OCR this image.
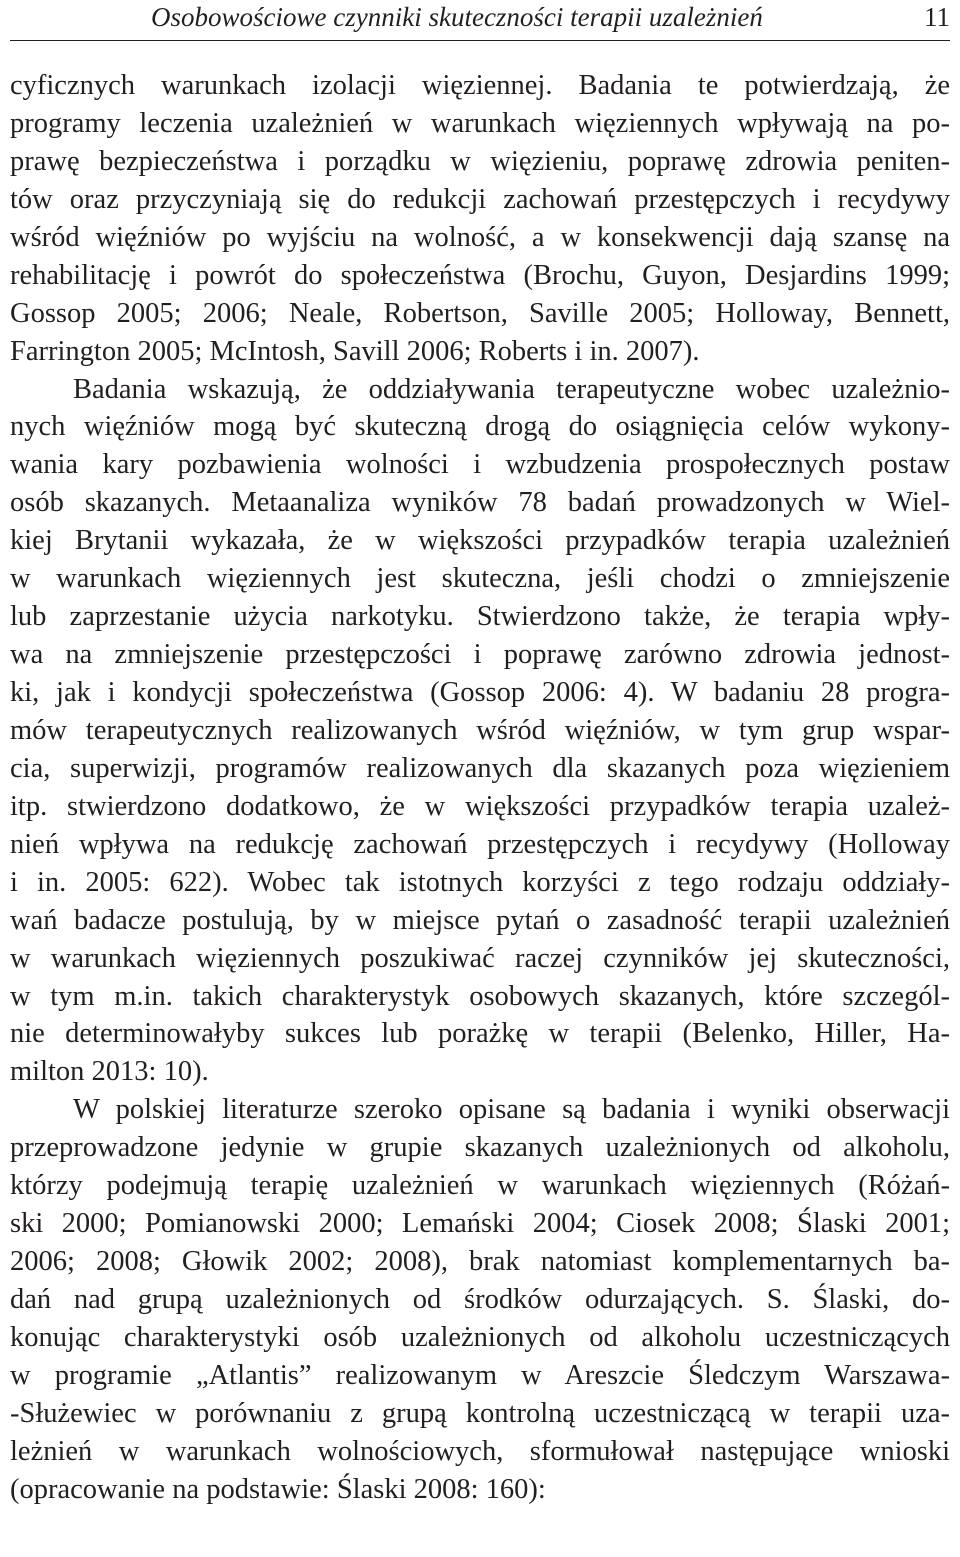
Osobowościowe czynniki skuteczności terapii uzależnień	11
cyficznych warunkach izolacji więziennej. Badania te potwierdzają, że
programy leczenia uzależnień w warunkach więziennych wpływają na po-
prawę bezpieczeństwa i porządku w więzieniu, poprawę zdrowia peniten-
tów oraz przyczyniają się do redukcji zachowań przestępczych i recydywy
wśród więźniów po wyjściu na wolność, a w konsekwencji dają szansę na
rehabilitację i powrót do społeczeństwa (Brochu, Guyon, Desjardins 1999;
Gossop 2005; 2006; Neale, Robertson, Saville 2005; Holloway, Bennett,
Farrington 2005; McIntosh, Savill 2006; Roberts i in. 2007).
Badania wskazują, że oddziaływania terapeutyczne wobec uzależnio-
nych więźniów mogą być skuteczną drogą do osiągnięcia celów wykony-
wania kary pozbawienia wolności i wzbudzenia prospołecznych postaw
osób skazanych. Metaanaliza wyników 78 badań prowadzonych w Wiel-
kiej Brytanii wykazała, że w większości przypadków terapia uzależnień
w warunkach więziennych jest skuteczna, jeśli chodzi o zmniejszenie
lub zaprzestanie użycia narkotyku. Stwierdzono także, że terapia wpły-
wa na zmniejszenie przestępczości i poprawę zarówno zdrowia jednost-
ki, jak i kondycji społeczeństwa (Gossop 2006: 4). W badaniu 28 progra-
mów terapeutycznych realizowanych wśród więźniów, w tym grup wspar-
cia, superwizji, programów realizowanych dla skazanych poza więzieniem
itp. stwierdzono dodatkowo, że w większości przypadków terapia uzależ-
nień wpływa na redukcję zachowań przestępczych i recydywy (Holloway
i in. 2005: 622). Wobec tak istotnych korzyści z tego rodzaju oddziały-
wań badacze postulują, by w miejsce pytań o zasadność terapii uzależnień
w warunkach więziennych poszukiwać raczej czynników jej skuteczności,
w tym m.in. takich charakterystyk osobowych skazanych, które szczegól-
nie determinowałyby sukces lub porażkę w terapii (Belenko, Hiller, Ha-
milton 2013: 10).
W polskiej literaturze szeroko opisane są badania i wyniki obserwacji
przeprowadzone jedynie w grupie skazanych uzależnionych od alkoholu,
którzy podejmują terapię uzależnień w warunkach więziennych (Różań-
ski 2000; Pomianowski 2000; Lemański 2004; Ciosek 2008; Ślaski 2001;
2006; 2008; Głowik 2002; 2008), brak natomiast komplementarnych ba-
dań nad grupą uzależnionych od środków odurzających. S. Ślaski, do-
konując charakterystyki osób uzależnionych od alkoholu uczestniczących
w programie „Atlantis” realizowanym w Areszcie Śledczym Warszawa-
-Służewiec w porównaniu z grupą kontrolną uczestniczącą w terapii uza-
leżnień w warunkach wolnościowych, sformułował następujące wnioski
(opracowanie na podstawie: Ślaski 2008: 160):
